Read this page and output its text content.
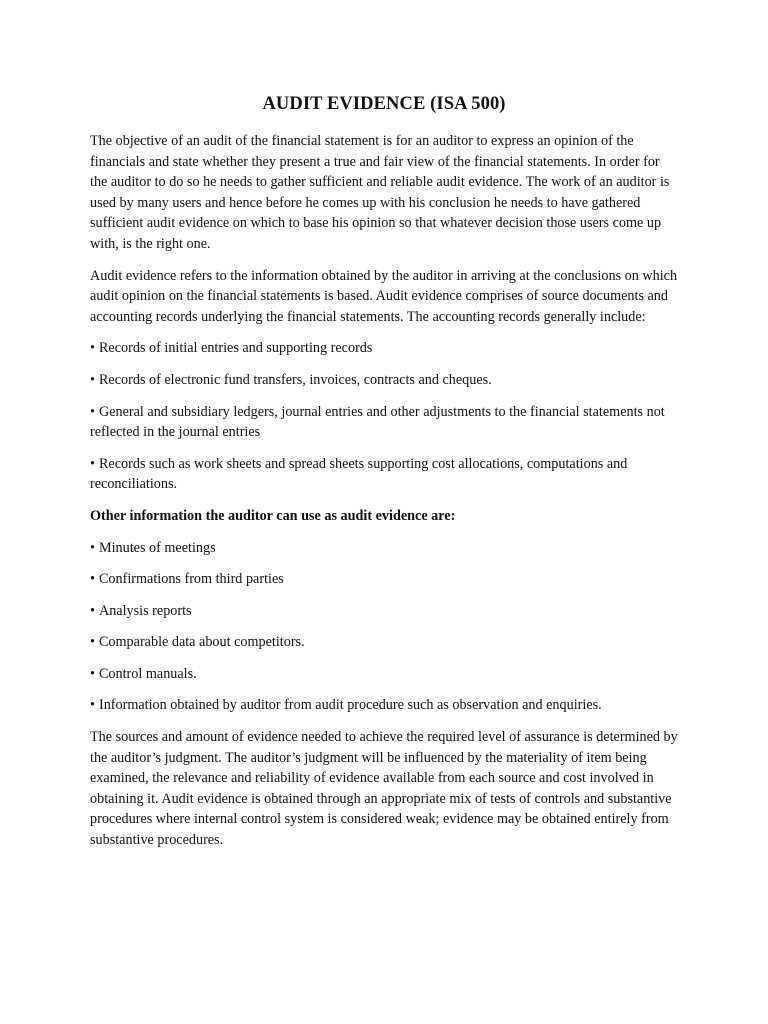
AUDIT EVIDENCE (ISA 500)

The objective of an audit of the financial statement is for an auditor to express an opinion of the financials and state whether they present a true and fair view of the financial statements. In order for the auditor to do so he needs to gather sufficient and reliable audit evidence. The work of an auditor is used by many users and hence before he comes up with his conclusion he needs to have gathered sufficient audit evidence on which to base his opinion so that whatever decision those users come up with, is the right one.

Audit evidence refers to the information obtained by the auditor in arriving at the conclusions on which audit opinion on the financial statements is based. Audit evidence comprises of source documents and accounting records underlying the financial statements. The accounting records generally include:

• Records of initial entries and supporting records

• Records of electronic fund transfers, invoices, contracts and cheques.

• General and subsidiary ledgers, journal entries and other adjustments to the financial statements not reflected in the journal entries

• Records such as work sheets and spread sheets supporting cost allocations, computations and reconciliations.

Other information the auditor can use as audit evidence are:

• Minutes of meetings

• Confirmations from third parties

• Analysis reports

• Comparable data about competitors.

• Control manuals.

• Information obtained by auditor from audit procedure such as observation and enquiries.

The sources and amount of evidence needed to achieve the required level of assurance is determined by the auditor’s judgment. The auditor’s judgment will be influenced by the materiality of item being examined, the relevance and reliability of evidence available from each source and cost involved in obtaining it. Audit evidence is obtained through an appropriate mix of tests of controls and substantive procedures where internal control system is considered weak; evidence may be obtained entirely from substantive procedures.
